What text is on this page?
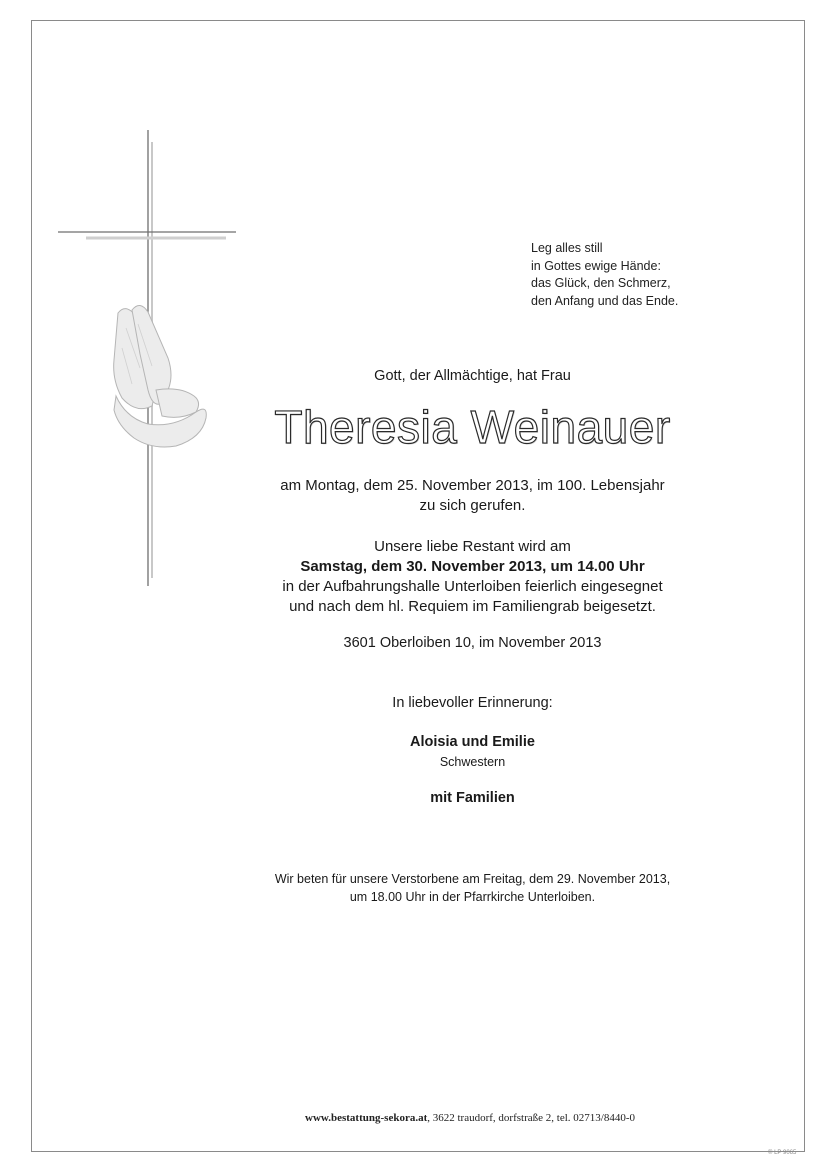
Leg alles still
in Gottes ewige Hände:
das Glück, den Schmerz,
den Anfang und das Ende.
Gott, der Allmächtige, hat Frau
Theresia Weinauer
am Montag, dem 25. November 2013, im 100. Lebensjahr
zu sich gerufen.
Unsere liebe Restant wird am
Samstag, dem 30. November 2013, um 14.00 Uhr
in der Aufbahrungshalle Unterloiben feierlich eingesegnet
und nach dem hl. Requiem im Familiengrab beigesetzt.
3601 Oberloiben 10, im November 2013
In liebevoller Erinnerung:
Aloisia und Emilie
Schwestern
mit Familien
Wir beten für unsere Verstorbene am Freitag, dem 29. November 2013,
um 18.00 Uhr in der Pfarrkirche Unterloiben.
www.bestattung-sekora.at, 3622 traudorf, dorfstraße 2, tel. 02713/8440-0
© LP 9065
